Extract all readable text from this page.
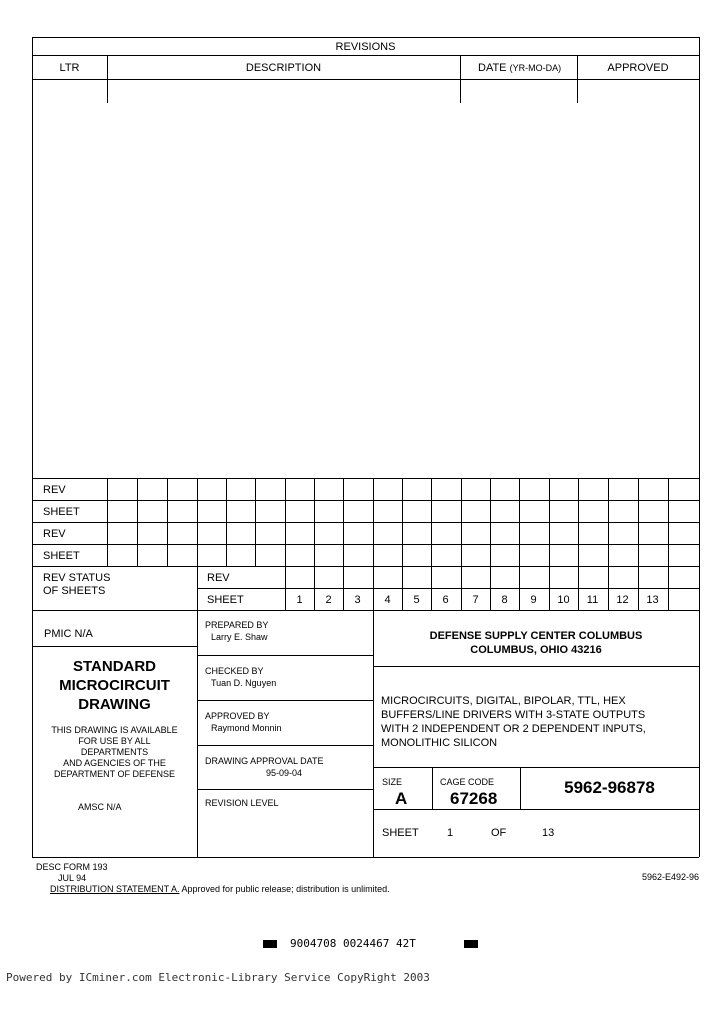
REVISIONS
LTR	DESCRIPTION	DATE (YR-MO-DA)	APPROVED
REV
SHEET
REV
SHEET
REV STATUS
OF SHEETS
REV
SHEET	1	2	3	4	5	6	7	8	9	10	11	12	13
PMIC N/A
STANDARD
MICROCIRCUIT
DRAWING
THIS DRAWING IS AVAILABLE
FOR USE BY ALL
DEPARTMENTS
AND AGENCIES OF THE
DEPARTMENT OF DEFENSE
AMSC N/A
PREPARED BY
Larry E. Shaw
CHECKED BY
Tuan D. Nguyen
APPROVED BY
Raymond Monnin
DRAWING APPROVAL DATE
95-09-04
REVISION LEVEL
DEFENSE SUPPLY CENTER COLUMBUS
COLUMBUS, OHIO 43216
MICROCIRCUITS, DIGITAL, BIPOLAR, TTL, HEX
BUFFERS/LINE DRIVERS WITH 3-STATE OUTPUTS
WITH 2 INDEPENDENT OR 2 DEPENDENT INPUTS,
MONOLITHIC SILICON
SIZE
A
CAGE CODE
67268
5962-96878
SHEET	1	OF	13
DESC FORM 193
JUL 94
DISTRIBUTION STATEMENT A. Approved for public release; distribution is unlimited.
5962-E492-96
9004708 0024467 42T
Powered by ICminer.com Electronic-Library Service CopyRight 2003
